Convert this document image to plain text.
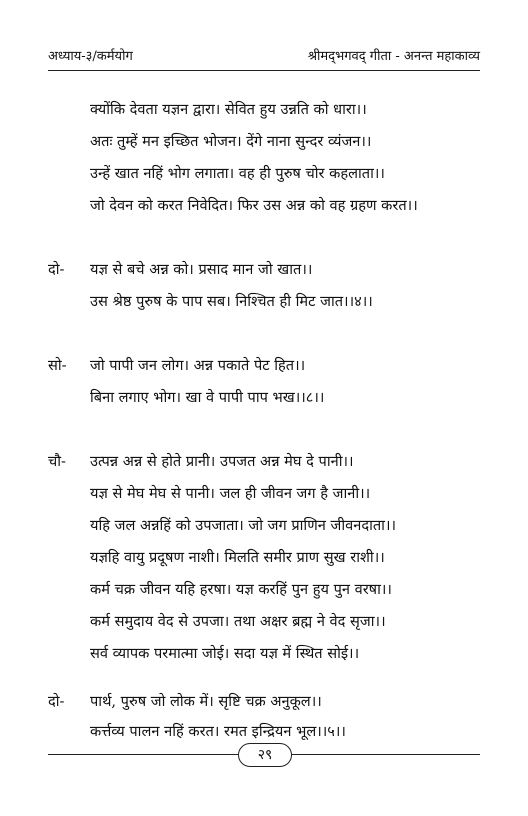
अध्याय-३/कर्मयोग	श्रीमद्‌भगवद् गीता - अनन्त महाकाव्य
क्योंकि देवता यज्ञन द्वारा। सेवित हुय उन्नति को धारा।।
अतः तुम्हें मन इच्छित भोजन। देंगे नाना सुन्दर व्यंजन।।
उन्हें खात नहिं भोग लगाता। वह ही पुरुष चोर कहलाता।।
जो देवन को करत निवेदित। फिर उस अन्न को वह ग्रहण करत।।
दो- यज्ञ से बचे अन्न को। प्रसाद मान जो खात।।
उस श्रेष्ठ पुरुष के पाप सब। निश्चित ही मिट जात।।४।।
सो- जो पापी जन लोग। अन्न पकाते पेट हित।।
बिना लगाए भोग। खा वे पापी पाप भख।।८।।
चौ- उत्पन्न अन्न से होते प्रानी। उपजत अन्न मेघ दे पानी।।
यज्ञ से मेघ मेघ से पानी। जल ही जीवन जग है जानी।।
यहि जल अन्नहिं को उपजाता। जो जग प्राणिन जीवनदाता।।
यज्ञहि वायु प्रदूषण नाशी। मिलति समीर प्राण सुख राशी।।
कर्म चक्र जीवन यहि हरषा। यज्ञ करहिं पुन हुय पुन वरषा।।
कर्म समुदाय वेद से उपजा। तथा अक्षर ब्रह्म ने वेद सृजा।।
सर्व व्यापक परमात्मा जोई। सदा यज्ञ में स्थित सोई।।
दो- पार्थ, पुरुष जो लोक में। सृष्टि चक्र अनुकूल।।
कर्त्तव्य पालन नहिं करत। रमत इन्द्रियन भूल।।५।।
२९
